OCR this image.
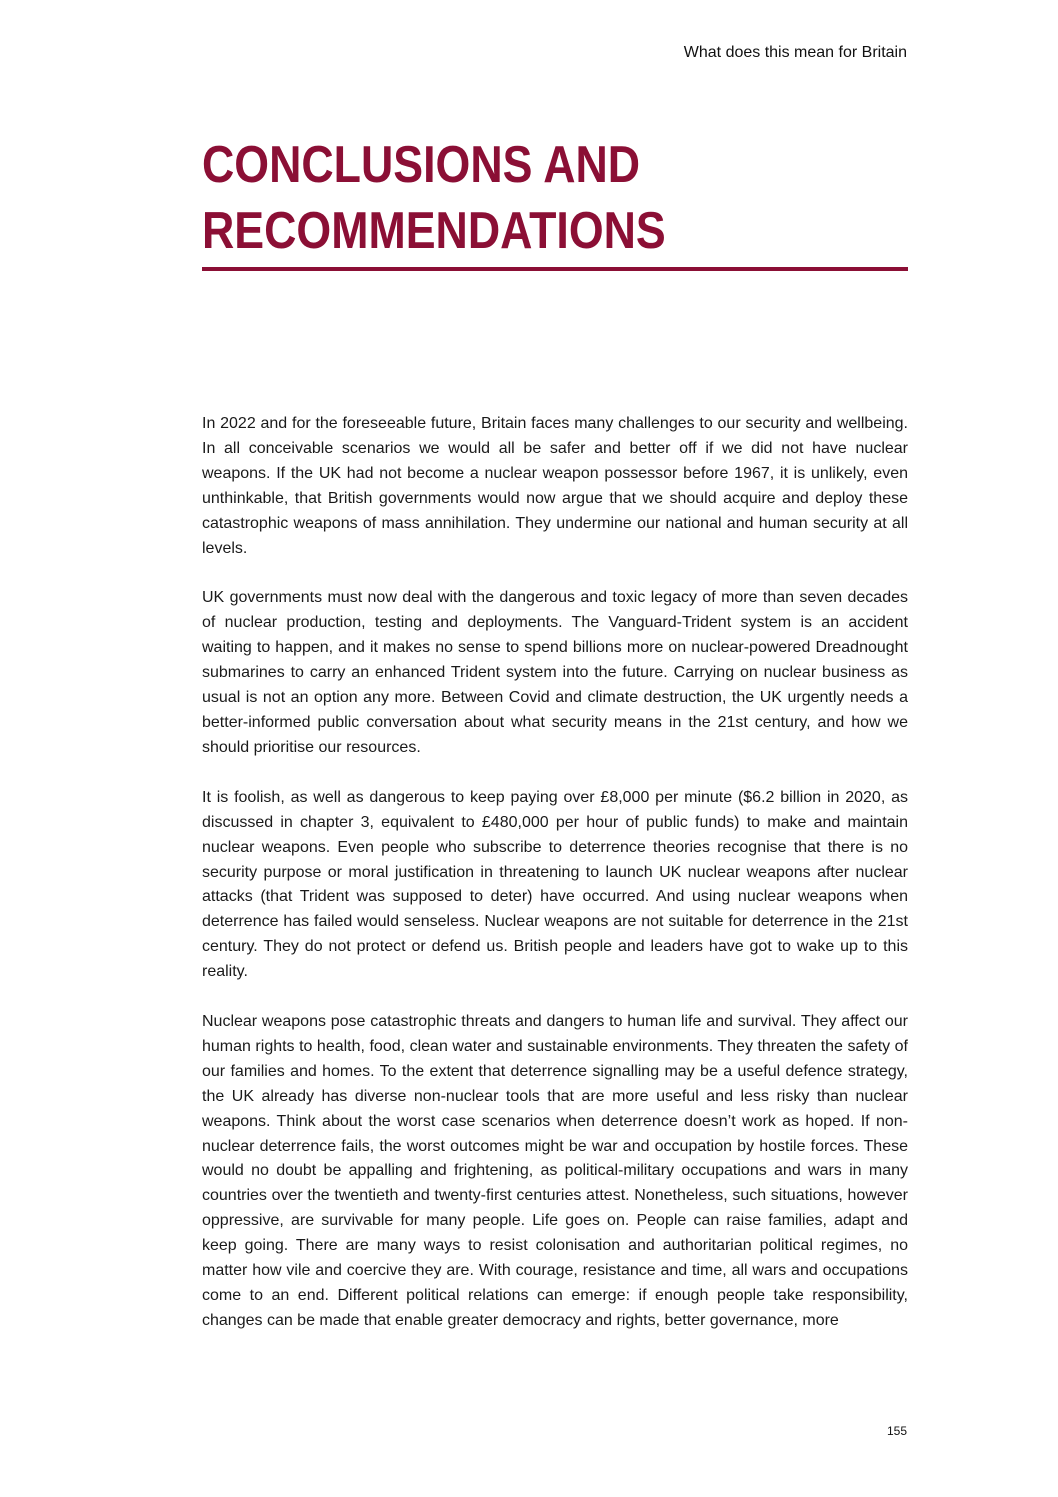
What does this mean for Britain
CONCLUSIONS AND
RECOMMENDATIONS

In 2022 and for the foreseeable future, Britain faces many challenges to our security and wellbeing. In all conceivable scenarios we would all be safer and better off if we did not have nuclear weapons. If the UK had not become a nuclear weapon possessor before 1967, it is unlikely, even unthinkable, that British governments would now argue that we should acquire and deploy these catastrophic weapons of mass annihilation. They undermine our national and human security at all levels.

UK governments must now deal with the dangerous and toxic legacy of more than seven decades of nuclear production, testing and deployments. The Vanguard-Trident system is an accident waiting to happen, and it makes no sense to spend billions more on nuclear-powered Dreadnought submarines to carry an enhanced Trident system into the future. Carrying on nuclear business as usual is not an option any more. Between Covid and climate destruction, the UK urgently needs a better-informed public conversation about what security means in the 21st century, and how we should prioritise our resources.

It is foolish, as well as dangerous to keep paying over £8,000 per minute ($6.2 billion in 2020, as discussed in chapter 3, equivalent to £480,000 per hour of public funds) to make and maintain nuclear weapons. Even people who subscribe to deterrence theories recognise that there is no security purpose or moral justification in threatening to launch UK nuclear weapons after nuclear attacks (that Trident was supposed to deter) have occurred. And using nuclear weapons when deterrence has failed would senseless. Nuclear weapons are not suitable for deterrence in the 21st century. They do not protect or defend us. British people and leaders have got to wake up to this reality.

Nuclear weapons pose catastrophic threats and dangers to human life and survival. They affect our human rights to health, food, clean water and sustainable environments. They threaten the safety of our families and homes. To the extent that deterrence signalling may be a useful defence strategy, the UK already has diverse non-nuclear tools that are more useful and less risky than nuclear weapons. Think about the worst case scenarios when deterrence doesn’t work as hoped. If non-nuclear deterrence fails, the worst outcomes might be war and occupation by hostile forces. These would no doubt be appalling and frightening, as political-military occupations and wars in many countries over the twentieth and twenty-first centuries attest. Nonetheless, such situations, however oppressive, are survivable for many people. Life goes on. People can raise families, adapt and keep going. There are many ways to resist colonisation and authoritarian political regimes, no matter how vile and coercive they are. With courage, resistance and time, all wars and occupations come to an end. Different political relations can emerge: if enough people take responsibility, changes can be made that enable greater democracy and rights, better governance, more

155
